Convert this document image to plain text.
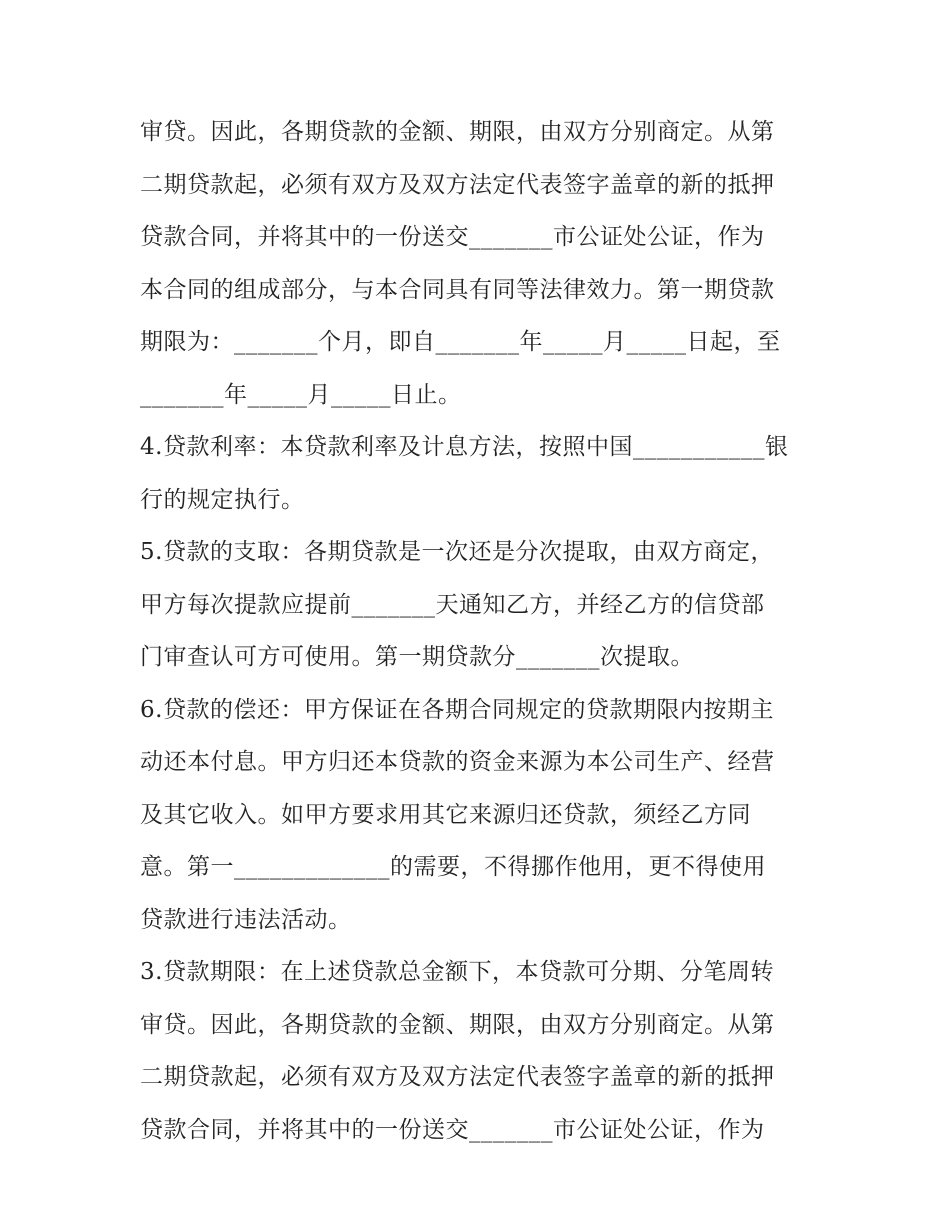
审贷。因此，各期贷款的金额、期限，由双方分别商定。从第
二期贷款起，必须有双方及双方法定代表签字盖章的新的抵押
贷款合同，并将其中的一份送交_______市公证处公证，作为
本合同的组成部分，与本合同具有同等法律效力。第一期贷款
期限为：_______个月，即自_______年_____月_____日起，至
_______年_____月_____日止。
4.贷款利率：本贷款利率及计息方法，按照中国___________银
行的规定执行。
5.贷款的支取：各期贷款是一次还是分次提取，由双方商定，
甲方每次提款应提前_______天通知乙方，并经乙方的信贷部
门审查认可方可使用。第一期贷款分_______次提取。
6.贷款的偿还：甲方保证在各期合同规定的贷款期限内按期主
动还本付息。甲方归还本贷款的资金来源为本公司生产、经营
及其它收入。如甲方要求用其它来源归还贷款，须经乙方同
意。第一_____________的需要，不得挪作他用，更不得使用
贷款进行违法活动。
3.贷款期限：在上述贷款总金额下，本贷款可分期、分笔周转
审贷。因此，各期贷款的金额、期限，由双方分别商定。从第
二期贷款起，必须有双方及双方法定代表签字盖章的新的抵押
贷款合同，并将其中的一份送交_______市公证处公证，作为
